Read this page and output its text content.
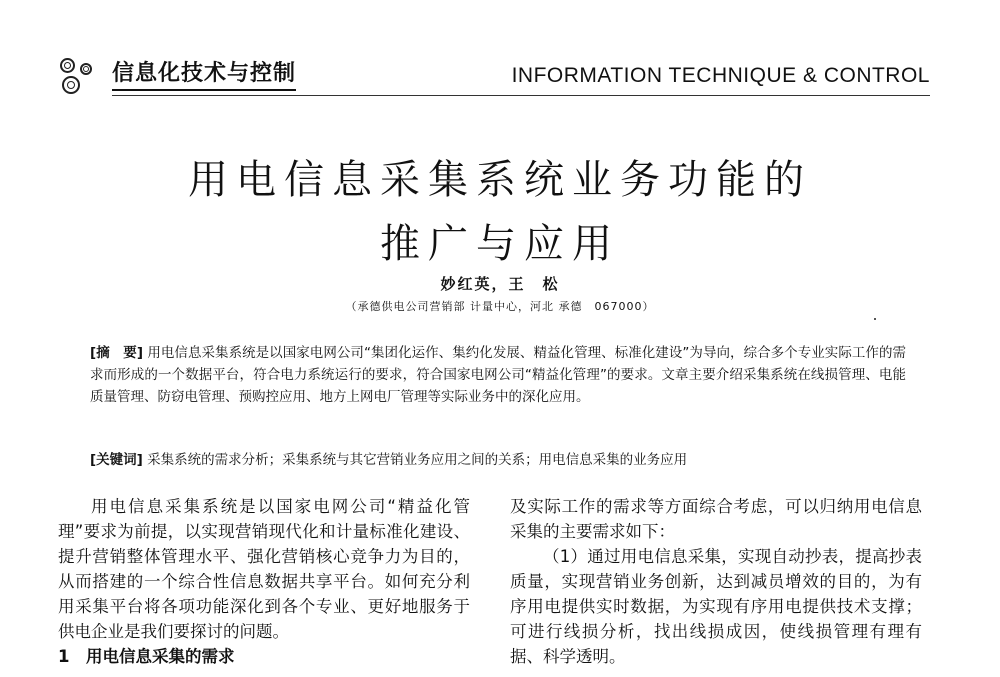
信息化技术与控制	INFORMATION TECHNIQUE & CONTROL
用电信息采集系统业务功能的
推广与应用
妙红英，王　松
（承德供电公司营销部 计量中心，河北 承德　067000）
[摘　要] 用电信息采集系统是以国家电网公司“集团化运作、集约化发展、精益化管理、标准化建设”为导向，综合多个专业实际工作的需求而形成的一个数据平台，符合电力系统运行的要求，符合国家电网公司“精益化管理”的要求。文章主要介绍采集系统在线损管理、电能质量管理、防窃电管理、预购控应用、地方上网电厂管理等实际业务中的深化应用。
[关键词] 采集系统的需求分析；采集系统与其它营销业务应用之间的关系；用电信息采集的业务应用

用电信息采集系统是以国家电网公司“精益化管理”要求为前提，以实现营销现代化和计量标准化建设、提升营销整体管理水平、强化营销核心竞争力为目的，从而搭建的一个综合性信息数据共享平台。如何充分利用采集平台将各项功能深化到各个专业、更好地服务于供电企业是我们要探讨的问题。

1　用电信息采集的需求

及实际工作的需求等方面综合考虑，可以归纳用电信息采集的主要需求如下：

（1）通过用电信息采集，实现自动抄表，提高抄表质量，实现营销业务创新，达到减员增效的目的，为有序用电提供实时数据，为实现有序用电提供技术支撑；可进行线损分析，找出线损成因，使线损管理有理有据、科学透明。
